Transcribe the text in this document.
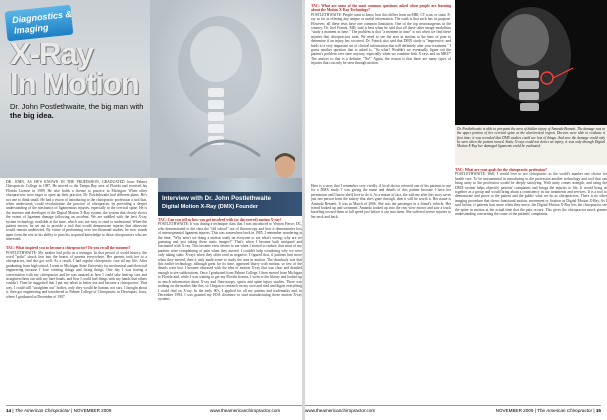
Diagnostics &
Imaging
X-Ray
In Motion
Dr. John Postlethwaite, the big man with the big idea.
DR. JOHN, AS HE'S KNOWN IN THE PROFESSION, GRADUATED from Palmer Chiropractic College in 1987. He moved to the Tampa Bay area of Florida and received his Florida License in 1989. He also holds a license to practice in Michigan. When other chiropractors were eager to open up their practice, Dr. Postlethwaite had different plans. He's not one to think small. He had a vision of introducing to the chiropractic profession a tool that, when understood, could revolutionize the practice of chiropractic by providing a deeper understanding of the mechanics of ligamentous injuries, especially to the cervical spine. He is the inventor and developer of the Digital Motion X-Ray system, the system that clearly shows the extent of ligament damage following an accident. We are saddled with the best X-ray system technology available at the time, which was not easy to read or understand. When the patient moves, he set out to provide a tool that would demonstrate injuries that otherwise would remain undetected. By virtue of performing over ten thousand studies, he now stands apart from the rest in his ability to pass his acquired knowledge to those chiropractors who are interested.

TAC: What inspired you to become a chiropractor? Do you recall the moment?
POSTLETHWAITE: My mother had polio as a teenager. In that period of world history, the word "polio" struck fear into the hearts of parents everywhere. Her parents took her to a chiropractor, and she got well. As a result, I had regular chiropractic care all my life. After graduating from high school, I went to Michigan State University for mechanical and electrical engineering because I love creating things and fixing things. One day I was having a conversation with my chiropractor and he was amazed at how I could take heat-up cars and straighten them out with my bare hands, and how I could fuel things with my hands that others couldn't. Then he suggested that I put my talent to better use and become a chiropractor. That way, I could still "straighten out" bodies, only they would be human, not cars. I thought about it, then got engineering and transferred to Palmer College of Chiropractic in Davenport, Iowa, where I graduated in December of 1987.
Interview with Dr. John Postlethwaite
Digital Motion X-Ray (DMX) Founder
TAC: Can you tell us how you got involved with (or discovered) motion X-ray?
POSTLETHWAITE: It was during a technique class that I was introduced to Vernon Pierce, DC, who demonstrated to the class the "old school" use of fluoroscopy and how it demonstrates loss of intersegmental ligament injuries. This was somewhere back in 1985. I remember wondering at the time, "Why aren't we doing a motion study on everyone to see what's wrong; why are we guessing and just taking these static images?" That's when I became both intrigued and fascinated with X-ray. This became even clearer to me when I started to realize, that most of my patients were complaining of pain when they moved. I couldn't help wondering why we were only taking static X-rays when they often read as negative. I figured that, if patients hurt more when they moved, then it only made sense to study the area in motion. The drawback was that this earlier technology, although great for its time, appeared blurry with motion, so few of the details were lost. I became obsessed with the idea of motion X-ray that was clear and detailed enough to see subluxations. Once I graduated from Palmer College, I then moved from Michigan to Florida and, while I was waiting to get my Florida license, I went to the library and looked up as much information about X-ray and fluoroscopy, sports and spine injury studies. There was nothing on the market like this, so I began to research on my own and read and digest everything I could find on X-ray. In the early 90's, I applied for all my patents and trademarks and, in December 1994, I was granted my FDA clearance to start manufacturing these motion X-ray systems.
14 | The American Chiropractor | NOVEMBER 2009	www.theamericanchiropractor.com
TAC: What are some of the most common questions asked when people are learning about the Motion X-Ray Technology?
POSTLETHWAITE: People want to know how this differs from an MRI, CT scan, or static X-ray as far as offering any unique or useful information. The truth is that each has its purpose. However, all these tests have one common limitation. One of the top neurosurgeons in the country, Dr. Joel Franck, MD, said it best when he said that all these other image modalities "study a moment in time." The problem is that "a moment in time" is not when we find these injuries that chiropractors treat. We need to see the area in motion at the time of pain to determine if an injury has occurred. Dr. Franck also said that DMX study is "impressive, and leads to a very important set of clinical information that will definitely alter your treatment." I guess another question that is asked is, "So what? Wouldn't we eventually figure out the patient's problem over time anyway, especially when we combine both X-rays and an MRI?" The answer to that is a definite, "No!" Again, the reason is that there are many types of injuries that can only be seen through motion.
Dr. Postlethwaite is able to pin-point the area of hidden injury of Amanda Bennett. The damage was in the upper portion of her cervical spine at the alar/vertical region. Doctors were able to evaluate it first time; it was revealed that DMX studies could see lots of things. And now the damage could only be seen when the patient moved. Static X-rays could not detect an injury; it was only through Digital Motion X-Ray her damaged ligaments could be evaluated.
TAC: What are your goals for the chiropractic profession?
POSTLETHWAITE: Well, I would love to see chiropractic as the world's number one choice for health care. To be instrumental in introducing to the profession another technology and tool that can bring unity to the profession would be deeply satisfying. With unity comes strength, and using the DMX system helps objectify patients' complaints and brings the injuries to life. It would bring us together as a group and would bring about a consistency in our treatments and services. It is a tool to demonstrate and prove to the patient and the public what we do as chiropractors. There is no other imaging procedure that shows functional motion, movement or fixation as Digital Motion X-Ray. As I said before, if patients hurt more when they move, the Digital Motion X-Ray lets the chiropractor see the spine in motion at the actual time that the pain occurs. This gives the chiropractor much greater understanding concerning the cause of the patients' complaints.
Here is a story that I remember very vividly. A local doctor referred one of his patients to me for a DMX study. I was giving the name and details of this patient because I have her permission and I know she'd love to do it. As a matter of fact, she told me after this story saves just one person from the misery that she's gone through, then it will be worth it. Her name is Amanda Bennett. It was in March of 2006. She was the passenger in a friend's vehicle. Her friend looked up and screamed. Amanda looked up into the rear view mirror and saw a truck barreling toward them at full speed just before it ran into them. She suffered severe injuries to her neck and back.
www.theamericanchiropractor.com	NOVEMBER 2009 | The American Chiropractor | 15
